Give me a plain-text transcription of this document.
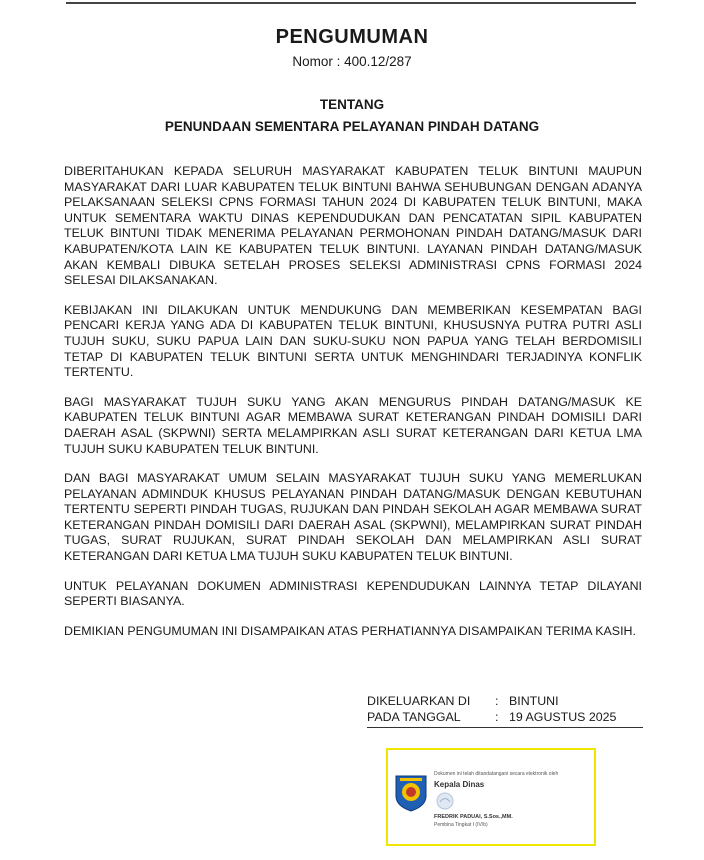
PENGUMUMAN
Nomor : 400.12/287
TENTANG
PENUNDAAN SEMENTARA PELAYANAN PINDAH DATANG

DIBERITAHUKAN KEPADA SELURUH MASYARAKAT KABUPATEN TELUK BINTUNI MAUPUN MASYARAKAT DARI LUAR KABUPATEN TELUK BINTUNI BAHWA SEHUBUNGAN DENGAN ADANYA PELAKSANAAN SELEKSI CPNS FORMASI TAHUN 2024 DI KABUPATEN TELUK BINTUNI, MAKA UNTUK SEMENTARA WAKTU DINAS KEPENDUDUKAN DAN PENCATATAN SIPIL KABUPATEN TELUK BINTUNI TIDAK MENERIMA PELAYANAN PERMOHONAN PINDAH DATANG/MASUK DARI KABUPATEN/KOTA LAIN KE KABUPATEN TELUK BINTUNI. LAYANAN PINDAH DATANG/MASUK AKAN KEMBALI DIBUKA SETELAH PROSES SELEKSI ADMINISTRASI CPNS FORMASI 2024 SELESAI DILAKSANAKAN.

KEBIJAKAN INI DILAKUKAN UNTUK MENDUKUNG DAN MEMBERIKAN KESEMPATAN BAGI PENCARI KERJA YANG ADA DI KABUPATEN TELUK BINTUNI, KHUSUSNYA PUTRA PUTRI ASLI TUJUH SUKU, SUKU PAPUA LAIN DAN SUKU-SUKU NON PAPUA YANG TELAH BERDOMISILI TETAP DI KABUPATEN TELUK BINTUNI SERTA UNTUK MENGHINDARI TERJADINYA KONFLIK TERTENTU.

BAGI MASYARAKAT TUJUH SUKU YANG AKAN MENGURUS PINDAH DATANG/MASUK KE KABUPATEN TELUK BINTUNI AGAR MEMBAWA SURAT KETERANGAN PINDAH DOMISILI DARI DAERAH ASAL (SKPWNI) SERTA MELAMPIRKAN ASLI SURAT KETERANGAN DARI KETUA LMA TUJUH SUKU KABUPATEN TELUK BINTUNI.

DAN BAGI MASYARAKAT UMUM SELAIN MASYARAKAT TUJUH SUKU YANG MEMERLUKAN PELAYANAN ADMINDUK KHUSUS PELAYANAN PINDAH DATANG/MASUK DENGAN KEBUTUHAN TERTENTU SEPERTI PINDAH TUGAS, RUJUKAN DAN PINDAH SEKOLAH AGAR MEMBAWA SURAT KETERANGAN PINDAH DOMISILI DARI DAERAH ASAL (SKPWNI), MELAMPIRKAN SURAT PINDAH TUGAS, SURAT RUJUKAN, SURAT PINDAH SEKOLAH DAN MELAMPIRKAN ASLI SURAT KETERANGAN DARI KETUA LMA TUJUH SUKU KABUPATEN TELUK BINTUNI.

UNTUK PELAYANAN DOKUMEN ADMINISTRASI KEPENDUDUKAN LAINNYA TETAP DILAYANI SEPERTI BIASANYA.

DEMIKIAN PENGUMUMAN INI DISAMPAIKAN ATAS PERHATIANNYA DISAMPAIKAN TERIMA KASIH.

DIKELUARKAN DI	: BINTUNI
PADA TANGGAL	: 19 AGUSTUS 2025
Dokumen ini telah ditandatangani secara elektronik oleh
Kepala Dinas
FREDRIK PADUAI, S.Sos.,MM.
Pembina Tingkat I (IV/b)
